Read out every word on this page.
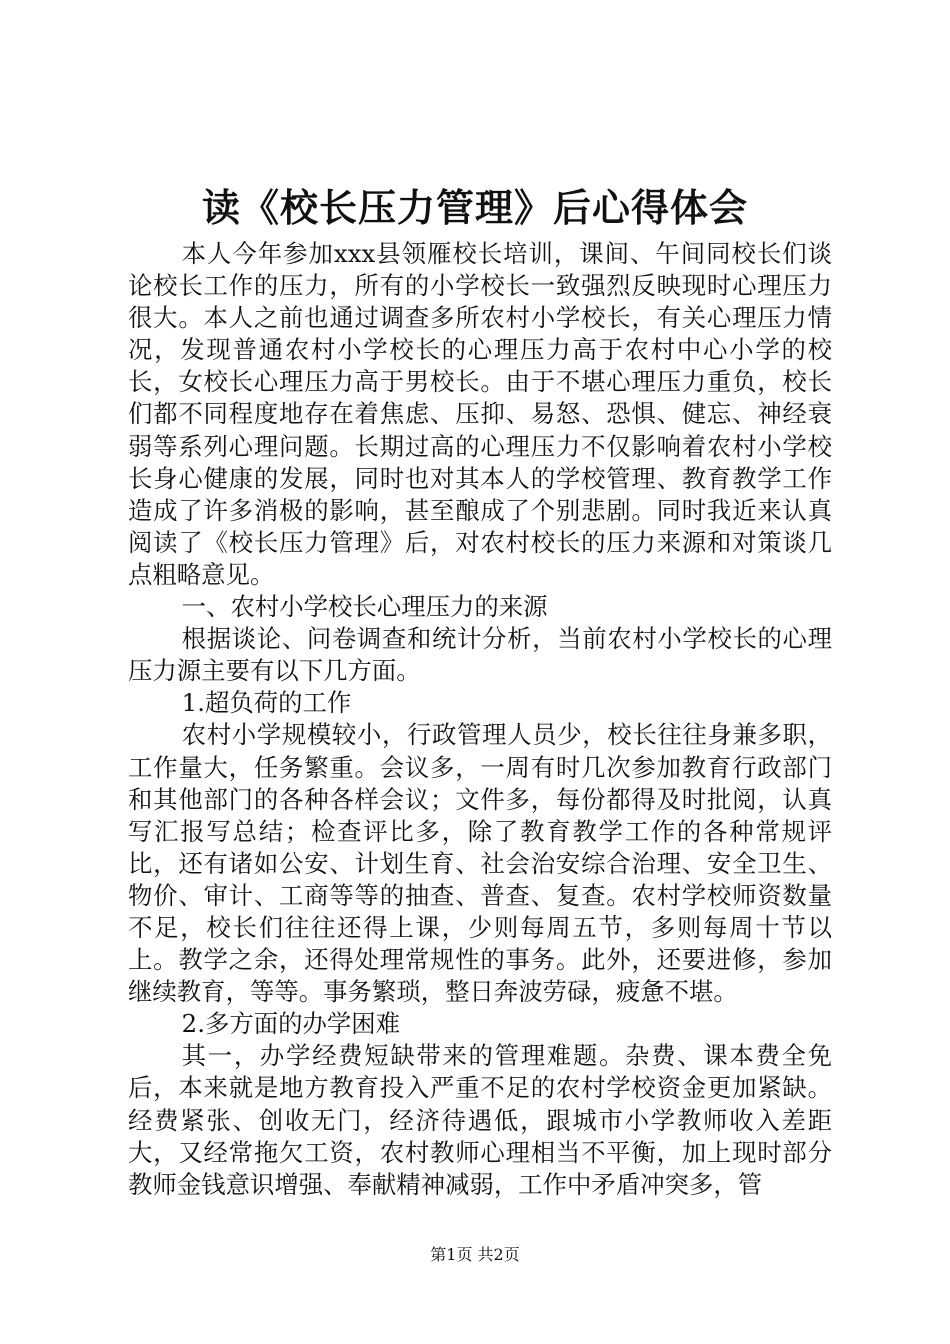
读《校长压力管理》后心得体会

本人今年参加xxx县领雁校长培训，课间、午间同校长们谈论校长工作的压力，所有的小学校长一致强烈反映现时心理压力很大。本人之前也通过调查多所农村小学校长，有关心理压力情况，发现普通农村小学校长的心理压力高于农村中心小学的校长，女校长心理压力高于男校长。由于不堪心理压力重负，校长们都不同程度地存在着焦虑、压抑、易怒、恐惧、健忘、神经衰弱等系列心理问题。长期过高的心理压力不仅影响着农村小学校长身心健康的发展，同时也对其本人的学校管理、教育教学工作造成了许多消极的影响，甚至酿成了个别悲剧。同时我近来认真阅读了《校长压力管理》后，对农村校长的压力来源和对策谈几点粗略意见。

一、农村小学校长心理压力的来源

根据谈论、问卷调查和统计分析，当前农村小学校长的心理压力源主要有以下几方面。

1.超负荷的工作

农村小学规模较小，行政管理人员少，校长往往身兼多职，工作量大，任务繁重。会议多，一周有时几次参加教育行政部门和其他部门的各种各样会议；文件多，每份都得及时批阅，认真写汇报写总结；检查评比多，除了教育教学工作的各种常规评比，还有诸如公安、计划生育、社会治安综合治理、安全卫生、物价、审计、工商等等的抽查、普查、复查。农村学校师资数量不足，校长们往往还得上课，少则每周五节，多则每周十节以上。教学之余，还得处理常规性的事务。此外，还要进修，参加继续教育，等等。事务繁琐，整日奔波劳碌，疲惫不堪。

2.多方面的办学困难

其一，办学经费短缺带来的管理难题。杂费、课本费全免后，本来就是地方教育投入严重不足的农村学校资金更加紧缺。经费紧张、创收无门，经济待遇低，跟城市小学教师收入差距大，又经常拖欠工资，农村教师心理相当不平衡，加上现时部分教师金钱意识增强、奉献精神减弱，工作中矛盾冲突多，管

第1页 共2页
